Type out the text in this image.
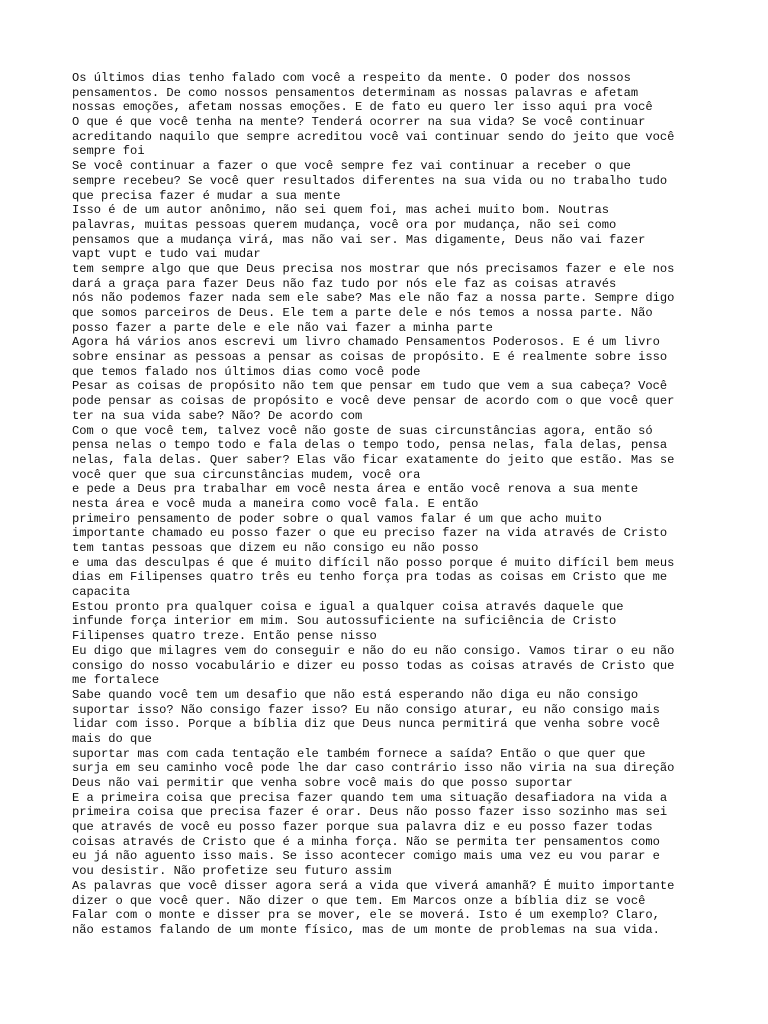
Os últimos dias tenho falado com você a respeito da mente. O poder dos nossos
pensamentos. De como nossos pensamentos determinam as nossas palavras e afetam
nossas emoções, afetam nossas emoções. E de fato eu quero ler isso aqui pra você
O que é que você tenha na mente? Tenderá ocorrer na sua vida? Se você continuar
acreditando naquilo que sempre acreditou você vai continuar sendo do jeito que você
sempre foi
Se você continuar a fazer o que você sempre fez vai continuar a receber o que
sempre recebeu? Se você quer resultados diferentes na sua vida ou no trabalho tudo
que precisa fazer é mudar a sua mente
Isso é de um autor anônimo, não sei quem foi, mas achei muito bom. Noutras
palavras, muitas pessoas querem mudança, você ora por mudança, não sei como
pensamos que a mudança virá, mas não vai ser. Mas digamente, Deus não vai fazer
vapt vupt e tudo vai mudar
tem sempre algo que que Deus precisa nos mostrar que nós precisamos fazer e ele nos
dará a graça para fazer Deus não faz tudo por nós ele faz as coisas através
nós não podemos fazer nada sem ele sabe? Mas ele não faz a nossa parte. Sempre digo
que somos parceiros de Deus. Ele tem a parte dele e nós temos a nossa parte. Não
posso fazer a parte dele e ele não vai fazer a minha parte
Agora há vários anos escrevi um livro chamado Pensamentos Poderosos. E é um livro
sobre ensinar as pessoas a pensar as coisas de propósito. E é realmente sobre isso
que temos falado nos últimos dias como você pode
Pesar as coisas de propósito não tem que pensar em tudo que vem a sua cabeça? Você
pode pensar as coisas de propósito e você deve pensar de acordo com o que você quer
ter na sua vida sabe? Não? De acordo com
Com o que você tem, talvez você não goste de suas circunstâncias agora, então só
pensa nelas o tempo todo e fala delas o tempo todo, pensa nelas, fala delas, pensa
nelas, fala delas. Quer saber? Elas vão ficar exatamente do jeito que estão. Mas se
você quer que sua circunstâncias mudem, você ora
e pede a Deus pra trabalhar em você nesta área e então você renova a sua mente
nesta área e você muda a maneira como você fala. E então
primeiro pensamento de poder sobre o qual vamos falar é um que acho muito
importante chamado eu posso fazer o que eu preciso fazer na vida através de Cristo
tem tantas pessoas que dizem eu não consigo eu não posso
e uma das desculpas é que é muito difícil não posso porque é muito difícil bem meus
dias em Filipenses quatro três eu tenho força pra todas as coisas em Cristo que me
capacita
Estou pronto pra qualquer coisa e igual a qualquer coisa através daquele que
infunde força interior em mim. Sou autossuficiente na suficiência de Cristo
Filipenses quatro treze. Então pense nisso
Eu digo que milagres vem do conseguir e não do eu não consigo. Vamos tirar o eu não
consigo do nosso vocabulário e dizer eu posso todas as coisas através de Cristo que
me fortalece
Sabe quando você tem um desafio que não está esperando não diga eu não consigo
suportar isso? Não consigo fazer isso? Eu não consigo aturar, eu não consigo mais
lidar com isso. Porque a bíblia diz que Deus nunca permitirá que venha sobre você
mais do que
suportar mas com cada tentação ele também fornece a saída? Então o que quer que
surja em seu caminho você pode lhe dar caso contrário isso não viria na sua direção
Deus não vai permitir que venha sobre você mais do que posso suportar
E a primeira coisa que precisa fazer quando tem uma situação desafiadora na vida a
primeira coisa que precisa fazer é orar. Deus não posso fazer isso sozinho mas sei
que através de você eu posso fazer porque sua palavra diz e eu posso fazer todas
coisas através de Cristo que é a minha força. Não se permita ter pensamentos como
eu já não aguento isso mais. Se isso acontecer comigo mais uma vez eu vou parar e
vou desistir. Não profetize seu futuro assim
As palavras que você disser agora será a vida que viverá amanhã? É muito importante
dizer o que você quer. Não dizer o que tem. Em Marcos onze a bíblia diz se você
Falar com o monte e disser pra se mover, ele se moverá. Isto é um exemplo? Claro,
não estamos falando de um monte físico, mas de um monte de problemas na sua vida.
